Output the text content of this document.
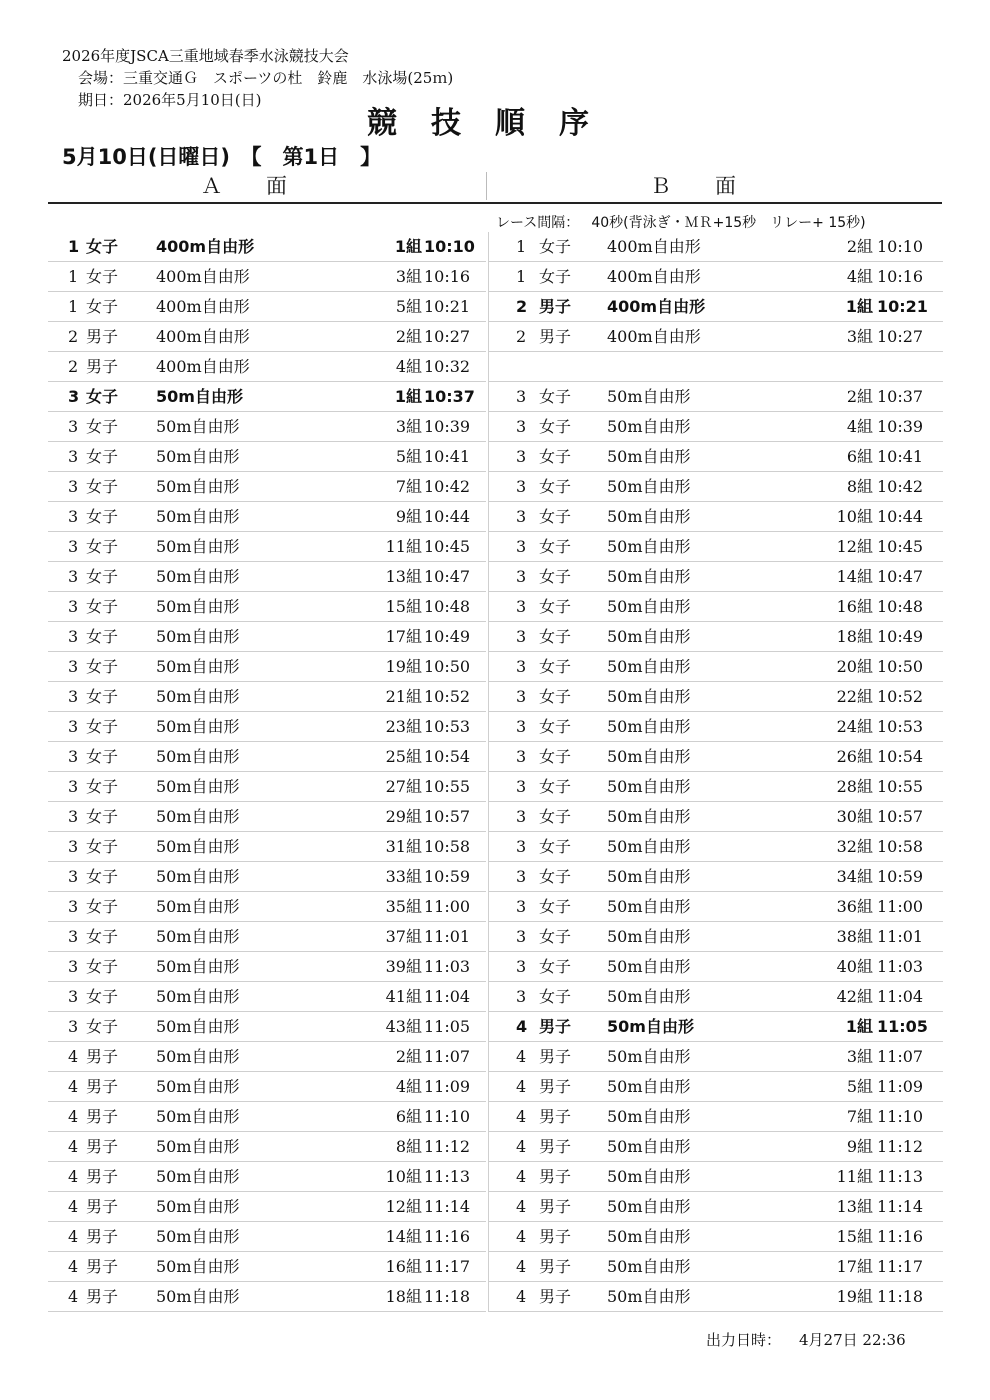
2026年度JSCA三重地域春季水泳競技大会
会場：三重交通Ｇ　スポーツの杜　鈴鹿　水泳場(25ｍ)
期日：2026年5月10日(日)
競技順序
5月10日(日曜日)　【　第1日　】
Ａ面	Ｂ面
レース間隔： 40秒(背泳ぎ・ＭＲ+15秒　リレー+ 15秒)
1 女子	400m自由形	1組 10:10	1 女子	400m自由形	2組 10:10
1 女子	400m自由形	3組 10:16	1 女子	400m自由形	4組 10:16
1 女子	400m自由形	5組 10:21	2 男子	400m自由形	1組 10:21
2 男子	400m自由形	2組 10:27	2 男子	400m自由形	3組 10:27
2 男子	400m自由形	4組 10:32
3 女子	50m自由形	1組 10:37	3 女子	50m自由形	2組 10:37
3 女子	50m自由形	3組 10:39	3 女子	50m自由形	4組 10:39
3 女子	50m自由形	5組 10:41	3 女子	50m自由形	6組 10:41
3 女子	50m自由形	7組 10:42	3 女子	50m自由形	8組 10:42
3 女子	50m自由形	9組 10:44	3 女子	50m自由形	10組 10:44
3 女子	50m自由形	11組 10:45	3 女子	50m自由形	12組 10:45
3 女子	50m自由形	13組 10:47	3 女子	50m自由形	14組 10:47
3 女子	50m自由形	15組 10:48	3 女子	50m自由形	16組 10:48
3 女子	50m自由形	17組 10:49	3 女子	50m自由形	18組 10:49
3 女子	50m自由形	19組 10:50	3 女子	50m自由形	20組 10:50
3 女子	50m自由形	21組 10:52	3 女子	50m自由形	22組 10:52
3 女子	50m自由形	23組 10:53	3 女子	50m自由形	24組 10:53
3 女子	50m自由形	25組 10:54	3 女子	50m自由形	26組 10:54
3 女子	50m自由形	27組 10:55	3 女子	50m自由形	28組 10:55
3 女子	50m自由形	29組 10:57	3 女子	50m自由形	30組 10:57
3 女子	50m自由形	31組 10:58	3 女子	50m自由形	32組 10:58
3 女子	50m自由形	33組 10:59	3 女子	50m自由形	34組 10:59
3 女子	50m自由形	35組 11:00	3 女子	50m自由形	36組 11:00
3 女子	50m自由形	37組 11:01	3 女子	50m自由形	38組 11:01
3 女子	50m自由形	39組 11:03	3 女子	50m自由形	40組 11:03
3 女子	50m自由形	41組 11:04	3 女子	50m自由形	42組 11:04
3 女子	50m自由形	43組 11:05	4 男子	50m自由形	1組 11:05
4 男子	50m自由形	2組 11:07	4 男子	50m自由形	3組 11:07
4 男子	50m自由形	4組 11:09	4 男子	50m自由形	5組 11:09
4 男子	50m自由形	6組 11:10	4 男子	50m自由形	7組 11:10
4 男子	50m自由形	8組 11:12	4 男子	50m自由形	9組 11:12
4 男子	50m自由形	10組 11:13	4 男子	50m自由形	11組 11:13
4 男子	50m自由形	12組 11:14	4 男子	50m自由形	13組 11:14
4 男子	50m自由形	14組 11:16	4 男子	50m自由形	15組 11:16
4 男子	50m自由形	16組 11:17	4 男子	50m自由形	17組 11:17
4 男子	50m自由形	18組 11:18	4 男子	50m自由形	19組 11:18
出力日時： 4月27日 22:36
